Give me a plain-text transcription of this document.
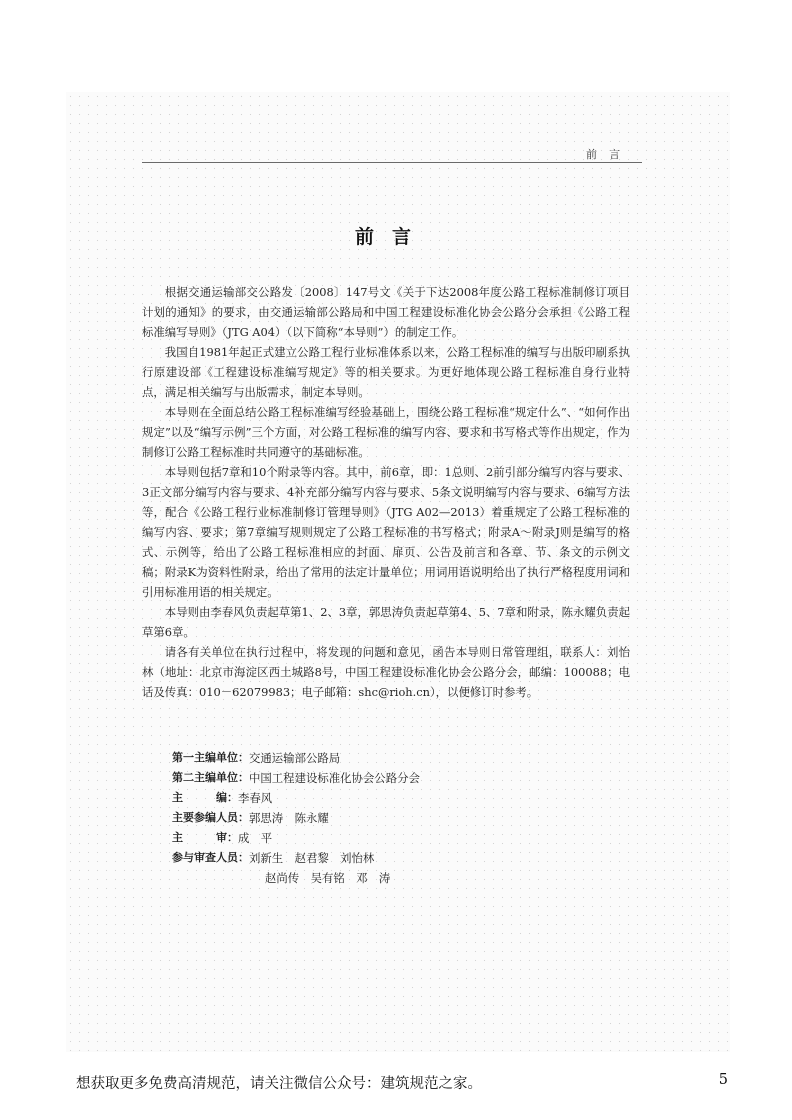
前言
前言

根据交通运输部交公路发〔2008〕147号文《关于下达2008年度公路工程标准制修订项目计划的通知》的要求，由交通运输部公路局和中国工程建设标准化协会公路分会承担《公路工程标准编写导则》（JTG A04）（以下简称“本导则”）的制定工作。

我国自1981年起正式建立公路工程行业标准体系以来，公路工程标准的编写与出版印刷系执行原建设部《工程建设标准编写规定》等的相关要求。为更好地体现公路工程标准自身行业特点，满足相关编写与出版需求，制定本导则。

本导则在全面总结公路工程标准编写经验基础上，围绕公路工程标准“规定什么”、“如何作出规定”以及“编写示例”三个方面，对公路工程标准的编写内容、要求和书写格式等作出规定，作为制修订公路工程标准时共同遵守的基础标准。

本导则包括7章和10个附录等内容。其中，前6章，即：1总则、2前引部分编写内容与要求、3正文部分编写内容与要求、4补充部分编写内容与要求、5条文说明编写内容与要求、6编写方法等，配合《公路工程行业标准制修订管理导则》（JTG A02—2013）着重规定了公路工程标准的编写内容、要求；第7章编写规则规定了公路工程标准的书写格式；附录A～附录J则是编写的格式、示例等，给出了公路工程标准相应的封面、扉页、公告及前言和各章、节、条文的示例文稿；附录K为资料性附录，给出了常用的法定计量单位；用词用语说明给出了执行严格程度用词和引用标准用语的相关规定。

本导则由李春风负责起草第1、2、3章，郭思涛负责起草第4、5、7章和附录，陈永耀负责起草第6章。

请各有关单位在执行过程中，将发现的问题和意见，函告本导则日常管理组，联系人：刘怡林（地址：北京市海淀区西土城路8号，中国工程建设标准化协会公路分会，邮编：100088；电话及传真：010－62079983；电子邮箱：shc@rioh.cn），以便修订时参考。

第一主编单位： 交通运输部公路局
第二主编单位： 中国工程建设标准化协会公路分会
主　　　编： 李春风
主要参编人员： 郭思涛　陈永耀
主　　　审： 成　平
参与审查人员： 刘新生　赵君黎　刘怡林
赵尚传　吴有铭　邓　涛
想获取更多免费高清规范，请关注微信公众号：建筑规范之家。	5
